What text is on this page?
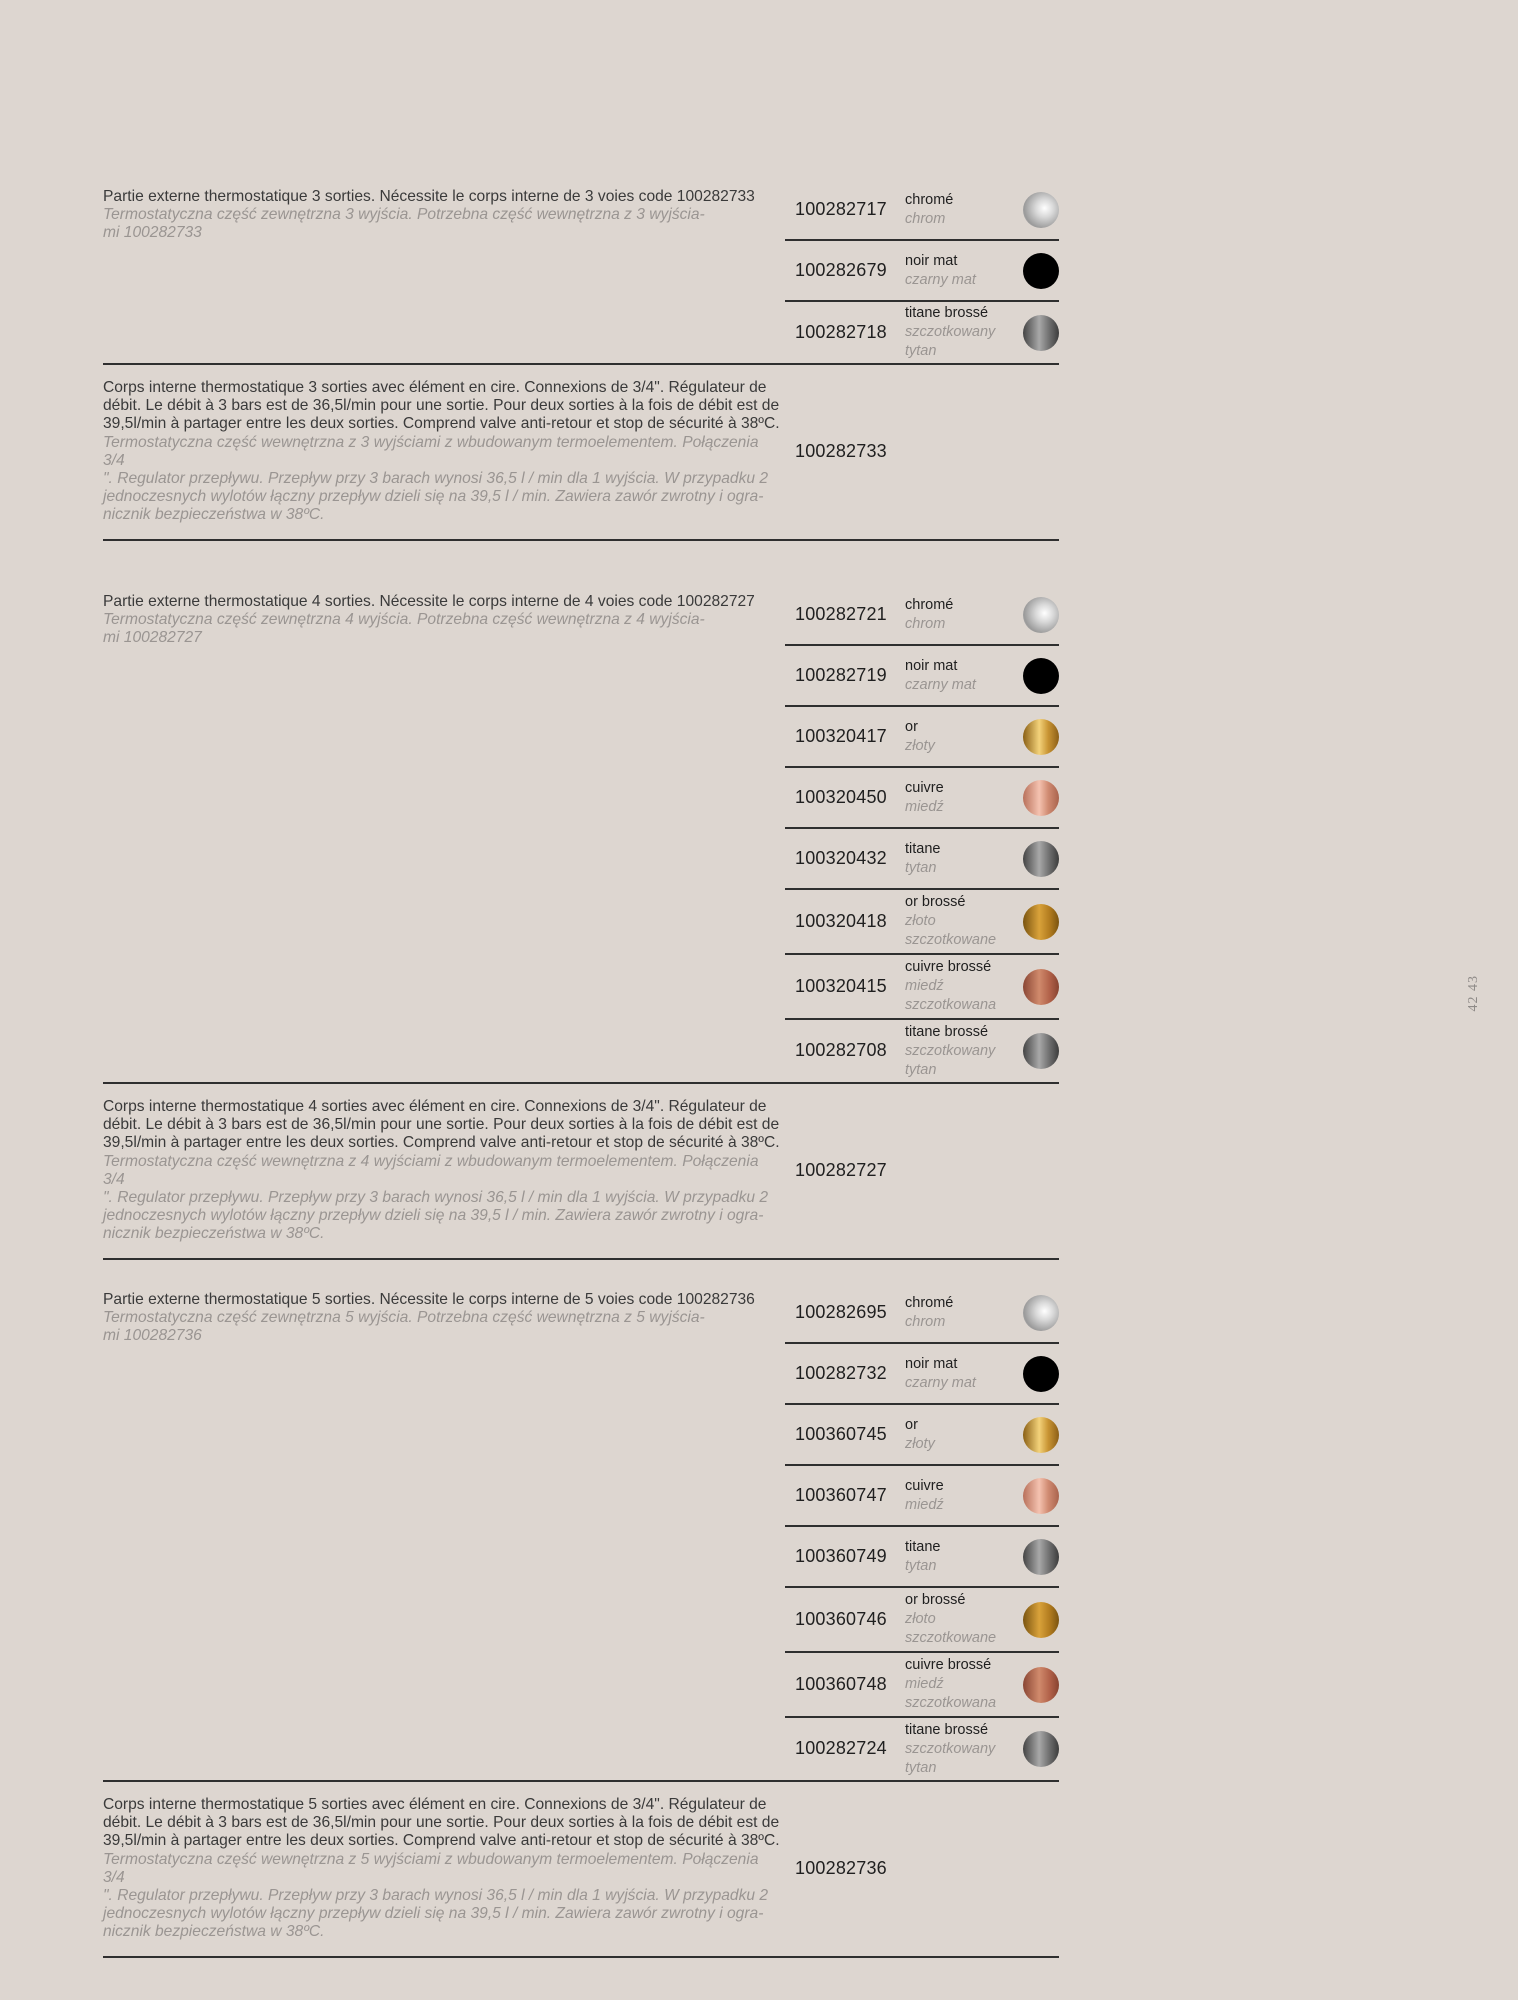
Partie externe thermostatique 3 sorties. Nécessite le corps interne de 3 voies code 100282733
Termostatyczna część zewnętrzna 3 wyjścia. Potrzebna część wewnętrzna z 3 wyjścia-
mi 100282733
100282717 chromé
chrom
100282679 noir mat
czarny mat
100282718
titane brossé
szczotkowany
tytan
Corps interne thermostatique 3 sorties avec élément en cire. Connexions de 3/4". Régulateur de débit. Le débit à 3 bars est de 36,5l/min pour une sortie. Pour deux sorties à la fois de débit est de 39,5l/min à partager entre les deux sorties. Comprend valve anti-retour et stop de sécurité à 38ºC.
Termostatyczna część wewnętrzna z 3 wyjściami z wbudowanym termoelementem. Połączenia 3/4
". Regulator przepływu. Przepływ przy 3 barach wynosi 36,5 l / min dla 1 wyjścia. W przypadku 2
jednoczesnych wylotów łączny przepływ dzieli się na 39,5 l / min. Zawiera zawór zwrotny i ogra-
nicznik bezpieczeństwa w 38ºC.
100282733
Partie externe thermostatique 4 sorties. Nécessite le corps interne de 4 voies code 100282727
Termostatyczna część zewnętrzna 4 wyjścia. Potrzebna część wewnętrzna z 4 wyjścia-
mi 100282727
100282721 chromé
chrom
100282719 noir mat
czarny mat
100320417 or
złoty
100320450 cuivre
miedź
100320432 titane
tytan
100320418
or brossé
złoto
szczotkowane
100320415
cuivre brossé
miedź
szczotkowana
100282708
titane brossé
szczotkowany
tytan
Corps interne thermostatique 4 sorties avec élément en cire. Connexions de 3/4". Régulateur de débit. Le débit à 3 bars est de 36,5l/min pour une sortie. Pour deux sorties à la fois de débit est de 39,5l/min à partager entre les deux sorties. Comprend valve anti-retour et stop de sécurité à 38ºC.
Termostatyczna część wewnętrzna z 4 wyjściami z wbudowanym termoelementem. Połączenia 3/4
". Regulator przepływu. Przepływ przy 3 barach wynosi 36,5 l / min dla 1 wyjścia. W przypadku 2
jednoczesnych wylotów łączny przepływ dzieli się na 39,5 l / min. Zawiera zawór zwrotny i ogra-
nicznik bezpieczeństwa w 38ºC.
100282727
Partie externe thermostatique 5 sorties. Nécessite le corps interne de 5 voies code 100282736
Termostatyczna część zewnętrzna 5 wyjścia. Potrzebna część wewnętrzna z 5 wyjścia-
mi 100282736
100282695 chromé
chrom
100282732 noir mat
czarny mat
100360745 or
złoty
100360747 cuivre
miedź
100360749 titane
tytan
100360746
or brossé
złoto
szczotkowane
100360748
cuivre brossé
miedź
szczotkowana
100282724
titane brossé
szczotkowany
tytan
Corps interne thermostatique 5 sorties avec élément en cire. Connexions de 3/4". Régulateur de débit. Le débit à 3 bars est de 36,5l/min pour une sortie. Pour deux sorties à la fois de débit est de 39,5l/min à partager entre les deux sorties. Comprend valve anti-retour et stop de sécurité à 38ºC.
Termostatyczna część wewnętrzna z 5 wyjściami z wbudowanym termoelementem. Połączenia 3/4
". Regulator przepływu. Przepływ przy 3 barach wynosi 36,5 l / min dla 1 wyjścia. W przypadku 2
jednoczesnych wylotów łączny przepływ dzieli się na 39,5 l / min. Zawiera zawór zwrotny i ogra-
nicznik bezpieczeństwa w 38ºC.
100282736
42 43
